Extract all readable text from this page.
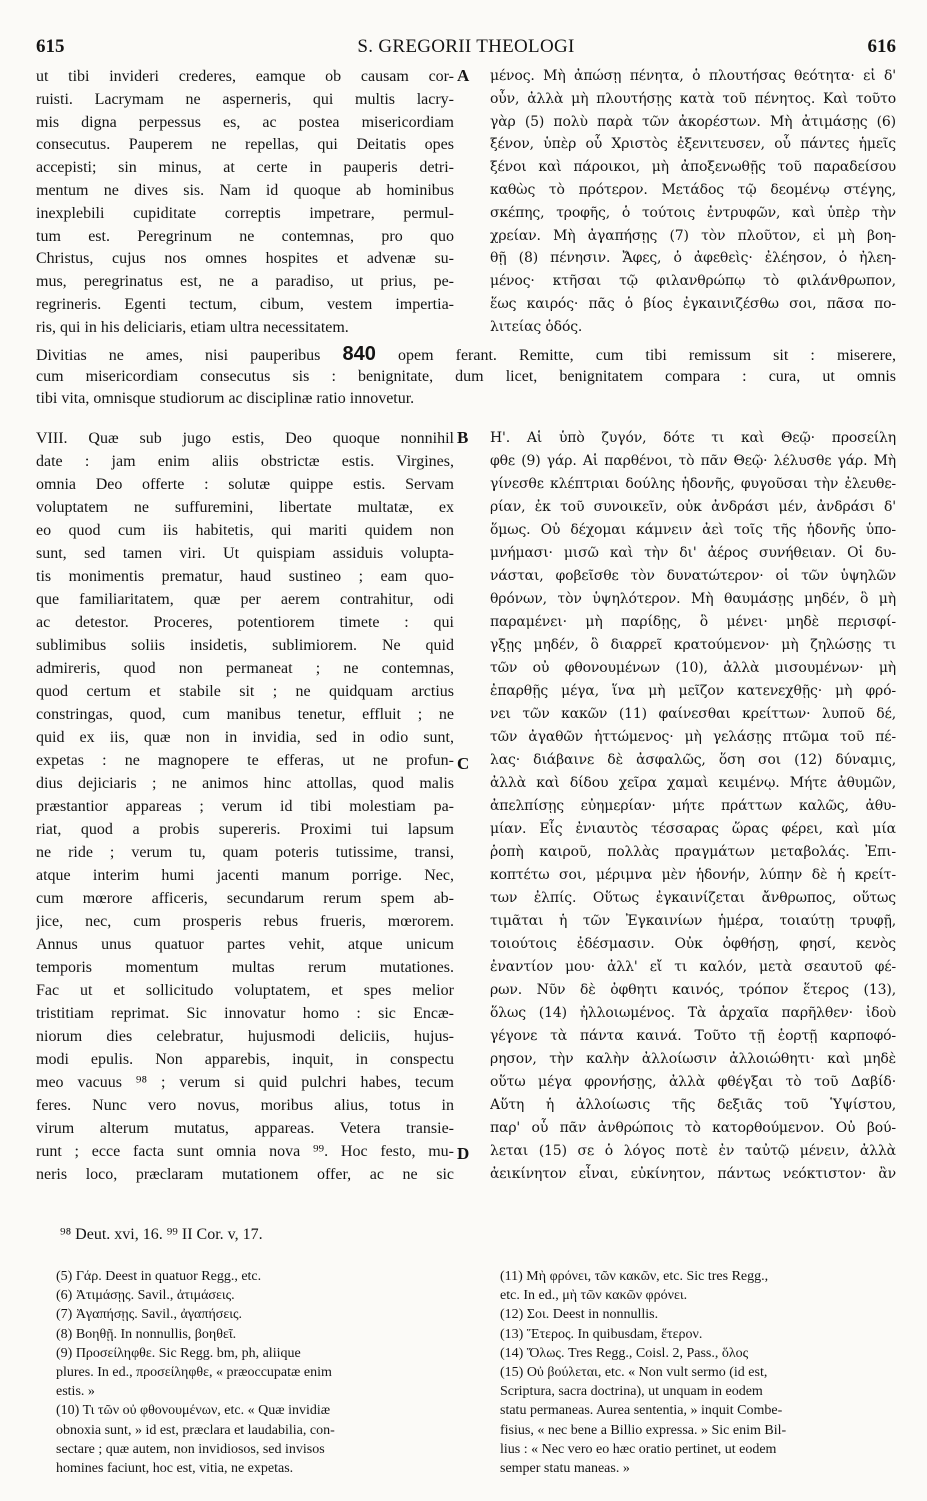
615	S. GREGORII THEOLOGI	616
ut tibi invideri crederes, eamque ob causam cor-
ruisti. Lacrymam ne asperneris, qui multis lacry-
mis digna perpessus es, ac postea misericordiam
consecutus. Pauperem ne repellas, qui Deitatis opes
accepisti; sin minus, at certe in pauperis detri-
mentum ne dives sis. Nam id quoque ab hominibus
inexplebili cupiditate correptis impetrare, permul-
tum est. Peregrinum ne contemnas, pro quo
Christus, cujus nos omnes hospites et advenæ su-
mus, peregrinatus est, ne a paradiso, ut prius, pe-
regrineris. Egenti tectum, cibum, vestem impertia-
ris, qui in his deliciaris, etiam ultra necessitatem.
μένος. Μὴ ἀπώσῃ πένητα, ὁ πλουτήσας θεότητα· εἰ δ'
οὖν, ἀλλὰ μὴ πλουτήσῃς κατὰ τοῦ πένητος. Καὶ τοῦτο
γὰρ (5) πολὺ παρὰ τῶν ἀκορέστων. Μὴ ἀτιμάσῃς (6)
ξένον, ὑπὲρ οὗ Χριστὸς ἐξενιτευσεν, οὗ πάντες ἡμεῖς
ξένοι καὶ πάροικοι, μὴ ἀποξενωθῇς τοῦ παραδείσου
καθὼς τὸ πρότερον. Μετάδος τῷ δεομένῳ στέγης,
σκέπης, τροφῆς, ὁ τούτοις ἐντρυφῶν, καὶ ὑπὲρ τὴν
χρείαν. Μὴ ἀγαπήσῃς (7) τὸν πλοῦτον, εἰ μὴ βοη-
θῇ (8) πένησιν. Ἄφες, ὁ ἀφεθεὶς· ἐλέησον, ὁ ἠλεη-
μένος· κτῆσαι τῷ φιλανθρώπῳ τὸ φιλάνθρωπον,
ἕως καιρός· πᾶς ὁ βίος ἐγκαινιζέσθω σοι, πᾶσα πο-
λιτείας ὁδός.
Divitias ne ames, nisi pauperibus 840 opem ferant. Remitte, cum tibi remissum sit : miserere,
cum misericordiam consecutus sis : benignitate, dum licet, benignitatem compara : cura, ut omnis
tibi vita, omnisque studiorum ac disciplinæ ratio innovetur.
VIII. Quæ sub jugo estis, Deo quoque nonnihil
date : jam enim aliis obstrictæ estis. Virgines,
omnia Deo offerte : solutæ quippe estis. Servam
voluptatem ne suffuremini, libertate multatæ, ex
eo quod cum iis habitetis, qui mariti quidem non
sunt, sed tamen viri. Ut quispiam assiduis volupta-
tis monimentis prematur, haud sustineo ; eam quo-
que familiaritatem, quæ per aerem contrahitur, odi
ac detestor. Proceres, potentiorem timete : qui
sublimibus soliis insidetis, sublimiorem. Ne quid
admireris, quod non permaneat ; ne contemnas,
quod certum et stabile sit ; ne quidquam arctius
constringas, quod, cum manibus tenetur, effluit ; ne
quid ex iis, quæ non in invidia, sed in odio sunt,
expetas : ne magnopere te efferas, ut ne profun-
dius dejiciaris ; ne animos hinc attollas, quod malis
præstantior appareas ; verum id tibi molestiam pa-
riat, quod a probis supereris. Proximi tui lapsum
ne ride ; verum tu, quam poteris tutissime, transi,
atque interim humi jacenti manum porrige. Nec,
cum mœrore afficeris, secundarum rerum spem ab-
jice, nec, cum prosperis rebus frueris, mœrorem.
Annus unus quatuor partes vehit, atque unicum
temporis momentum multas rerum mutationes.
Fac ut et sollicitudo voluptatem, et spes melior
tristitiam reprimat. Sic innovatur homo : sic Encæ-
niorum dies celebratur, hujusmodi deliciis, hujus-
modi epulis. Non apparebis, inquit, in conspectu
meo vacuus ⁹⁸ ; verum si quid pulchri habes, tecum
feres. Nunc vero novus, moribus alius, totus in
virum alterum mutatus, appareas. Vetera transie-
runt ; ecce facta sunt omnia nova ⁹⁹. Hoc festo, mu-
neris loco, præclaram mutationem offer, ac ne sic
Η'. Αἱ ὑπὸ ζυγόν, δότε τι καὶ Θεῷ· προσείλη
φθε (9) γάρ. Αἱ παρθένοι, τὸ πᾶν Θεῷ· λέλυσθε γάρ. Μὴ
γίνεσθε κλέπτριαι δούλης ἡδονῆς, φυγοῦσαι τὴν ἐλευθε-
ρίαν, ἐκ τοῦ συνοικεῖν, οὐκ ἀνδράσι μέν, ἀνδράσι δ'
ὅμως. Οὐ δέχομαι κάμνειν ἀεὶ τοῖς τῆς ἡδονῆς ὑπο-
μνήμασι· μισῶ καὶ τὴν δι' ἀέρος συνήθειαν. Οἱ δυ-
νάσται, φοβεῖσθε τὸν δυνατώτερον· οἱ τῶν ὑψηλῶν
θρόνων, τὸν ὑψηλότερον. Μὴ θαυμάσῃς μηδέν, ὃ μὴ
παραμένει· μὴ παρίδῃς, ὃ μένει· μηδὲ περισφί-
γξῃς μηδέν, ὃ διαρρεῖ κρατούμενον· μὴ ζηλώσῃς τι
τῶν οὐ φθονουμένων (10), ἀλλὰ μισουμένων· μὴ
ἐπαρθῇς μέγα, ἵνα μὴ μεῖζον κατενεχθῇς· μὴ φρό-
νει τῶν κακῶν (11) φαίνεσθαι κρείττων· λυποῦ δέ,
τῶν ἀγαθῶν ἡττώμενος· μὴ γελάσῃς πτῶμα τοῦ πέ-
λας· διάβαινε δὲ ἀσφαλῶς, ὅση σοι (12) δύναμις,
ἀλλὰ καὶ δίδου χεῖρα χαμαὶ κειμένῳ. Μήτε ἀθυμῶν,
ἀπελπίσῃς εὐημερίαν· μήτε πράττων καλῶς, ἀθυ-
μίαν. Εἷς ἐνιαυτὸς τέσσαρας ὥρας φέρει, καὶ μία
ῥοπὴ καιροῦ, πολλὰς πραγμάτων μεταβολάς. Ἐπι-
κοπτέτω σοι, μέριμνα μὲν ἡδονήν, λύπην δὲ ἡ κρείτ-
των ἐλπίς. Οὕτως ἐγκαινίζεται ἄνθρωπος, οὕτως
τιμᾶται ἡ τῶν Ἐγκαινίων ἡμέρα, τοιαύτῃ τρυφῇ,
τοιούτοις ἐδέσμασιν. Οὐκ ὀφθήσῃ, φησί, κενὸς
ἐναντίον μου· ἀλλ' εἴ τι καλόν, μετὰ σεαυτοῦ φέ-
ρων. Νῦν δὲ ὀφθητι καινός, τρόπον ἕτερος (13),
ὅλως (14) ἠλλοιωμένος. Τὰ ἀρχαῖα παρῆλθεν· ἰδοὺ
γέγονε τὰ πάντα καινά. Τοῦτο τῇ ἑορτῇ καρποφό-
ρησον, τὴν καλὴν ἀλλοίωσιν ἀλλοιώθητι· καὶ μηδὲ
οὕτω μέγα φρονήσῃς, ἀλλὰ φθέγξαι τὸ τοῦ Δαβίδ·
Αὕτη ἡ ἀλλοίωσις τῆς δεξιᾶς τοῦ Ὑψίστου,
παρ' οὗ πᾶν ἀνθρώποις τὸ κατορθούμενον. Οὐ βού-
λεται (15) σε ὁ λόγος ποτὲ ἐν ταὐτῷ μένειν, ἀλλὰ
ἀεικίνητον εἶναι, εὐκίνητον, πάντως νεόκτιστον· ἂν
A
B
C
D
⁹⁸ Deut. xvi, 16. ⁹⁹ II Cor. v, 17.
(5) Γάρ. Deest in quatuor Regg., etc.
(6) Ἀτιμάσῃς. Savil., ἀτιμάσεις.
(7) Ἀγαπήσῃς. Savil., ἀγαπήσεις.
(8) Βοηθῇ. In nonnullis, βοηθεῖ.
(9) Προσείληφθε. Sic Regg. bm, ph, aliique
plures. In ed., προσείληφθε, « præoccupatæ enim
estis. »
(10) Τι τῶν οὐ φθονουμένων, etc. « Quæ invidiæ
obnoxia sunt, » id est, præclara et laudabilia, con-
sectare ; quæ autem, non invidiosos, sed invisos
homines faciunt, hoc est, vitia, ne expetas.
(11) Μὴ φρόνει, τῶν κακῶν, etc. Sic tres Regg.,
etc. In ed., μὴ τῶν κακῶν φρόνει.
(12) Σοι. Deest in nonnullis.
(13) Ἕτερος. In quibusdam, ἕτερον.
(14) Ὅλως. Tres Regg., Coisl. 2, Pass., ὅλος
(15) Οὐ βούλεται, etc. « Non vult sermo (id est,
Scriptura, sacra doctrina), ut unquam in eodem
statu permaneas. Aurea sententia, » inquit Combe-
fisius, « nec bene a Billio expressa. » Sic enim Bil-
lius : « Nec vero eo hæc oratio pertinet, ut eodem
semper statu maneas. »
